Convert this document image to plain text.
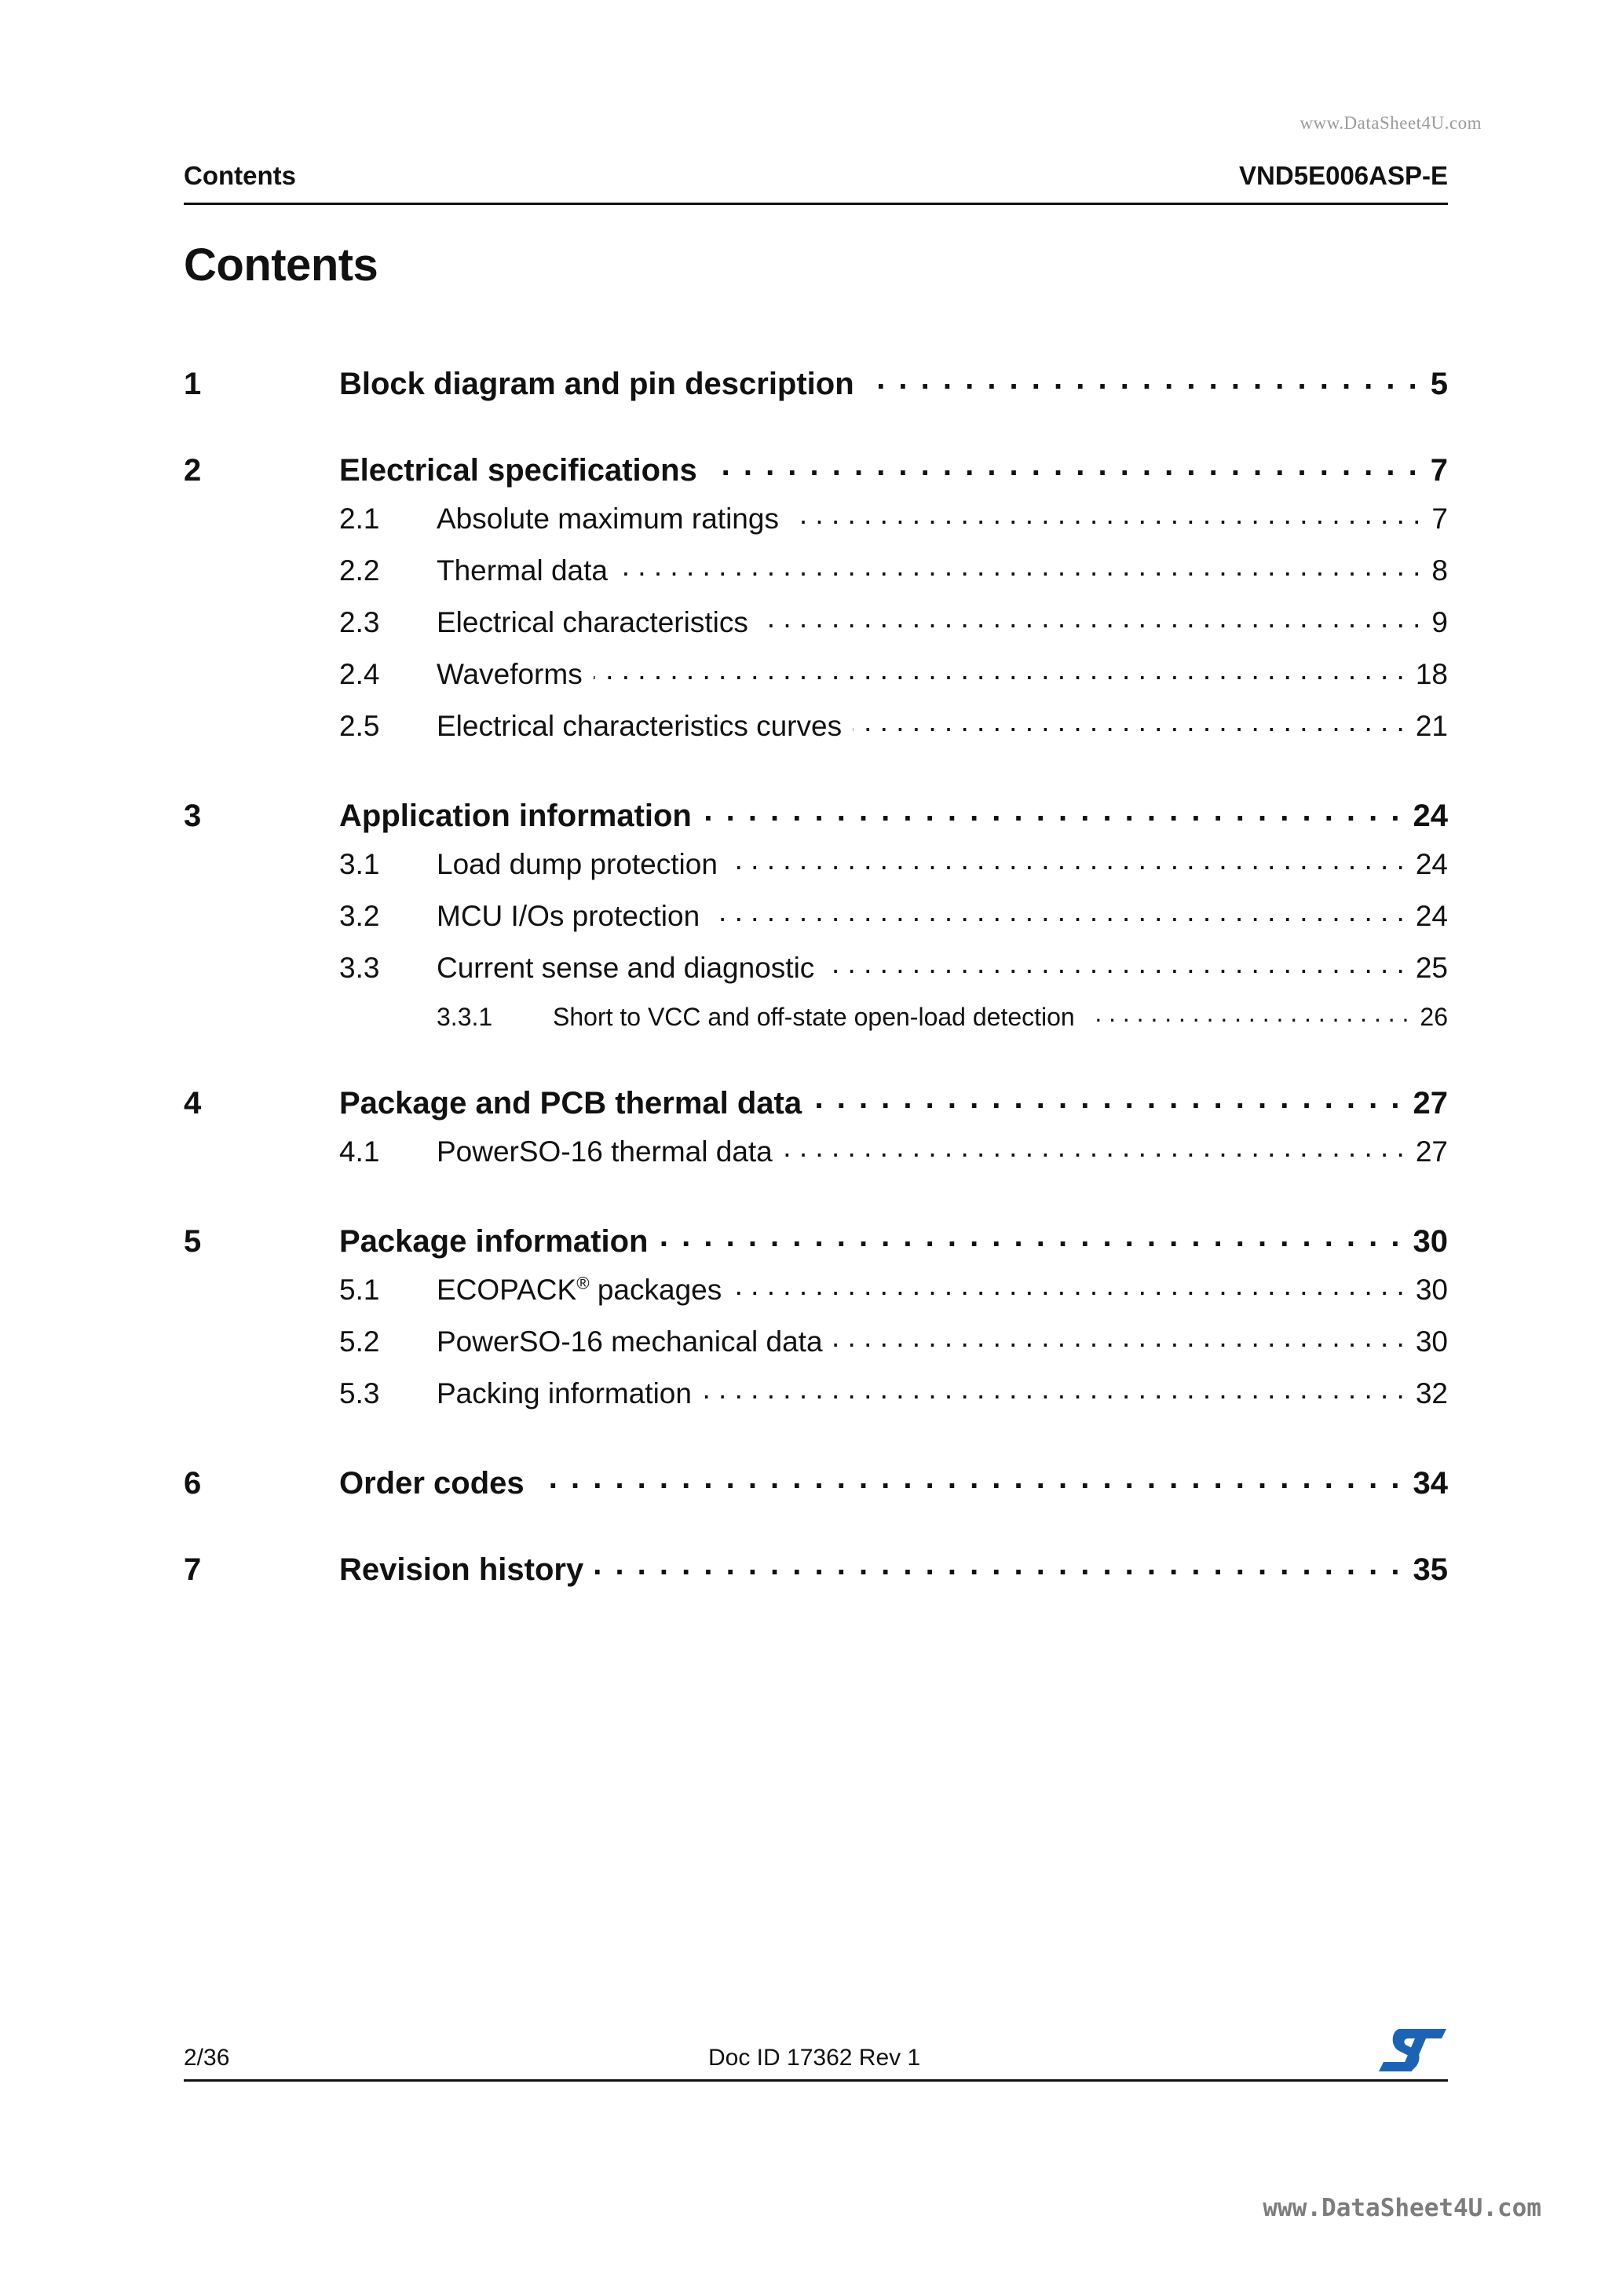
www.DataSheet4U.com
Contents	VND5E006ASP-E
Contents
1	Block diagram and pin description . . .	5
2	Electrical specifications . . .	7
2.1	Absolute maximum ratings . . .	7
2.2	Thermal data . . .	8
2.3	Electrical characteristics . . .	9
2.4	Waveforms . . .	18
2.5	Electrical characteristics curves . . .	21
3	Application information . . .	24
3.1	Load dump protection . . .	24
3.2	MCU I/Os protection . . .	24
3.3	Current sense and diagnostic . . .	25
3.3.1	Short to VCC and off-state open-load detection . . .	26
4	Package and PCB thermal data . . .	27
4.1	PowerSO-16 thermal data . . .	27
5	Package information . . .	30
5.1	ECOPACK® packages . . .	30
5.2	PowerSO-16 mechanical data . . .	30
5.3	Packing information . . .	32
6	Order codes . . .	34
7	Revision history . . .	35
2/36	Doc ID 17362 Rev 1
www.DataSheet4U.com
